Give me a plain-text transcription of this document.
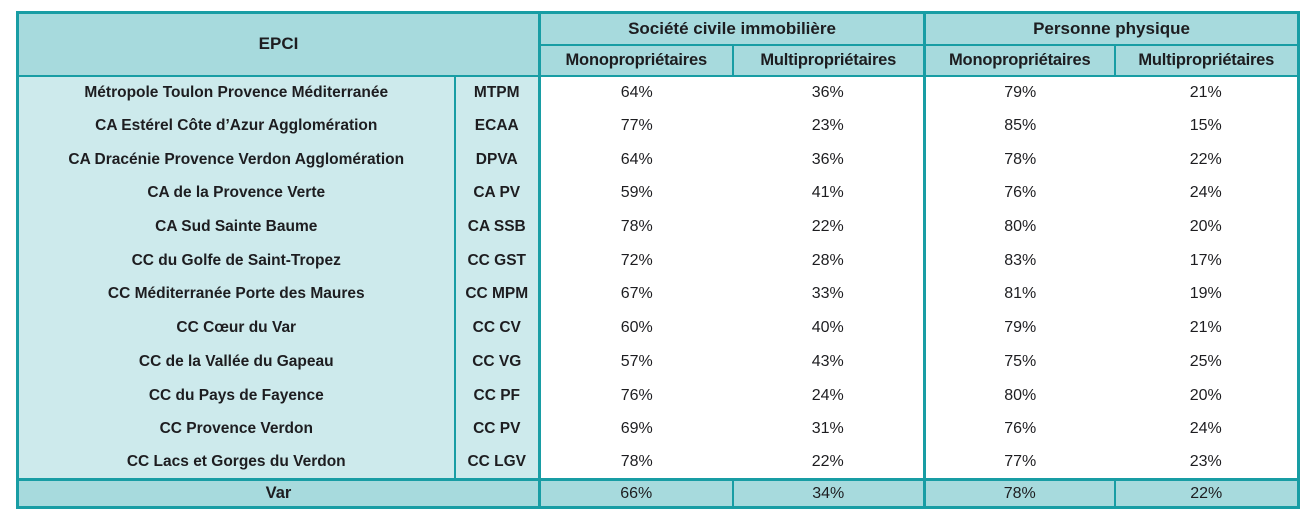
EPCI		Société civile immobilière		Personne physique	
		Monopropriétaires	Multipropriétaires	Monopropriétaires	Multipropriétaires
Métropole Toulon Provence Méditerranée	MTPM	64%	36%	79%	21%
CA Estérel Côte d’Azur Agglomération	ECAA	77%	23%	85%	15%
CA Dracénie Provence Verdon Agglomération	DPVA	64%	36%	78%	22%
CA de la Provence Verte	CA PV	59%	41%	76%	24%
CA Sud Sainte Baume	CA SSB	78%	22%	80%	20%
CC du Golfe de Saint-Tropez	CC GST	72%	28%	83%	17%
CC Méditerranée Porte des Maures	CC MPM	67%	33%	81%	19%
CC Cœur du Var	CC CV	60%	40%	79%	21%
CC de la Vallée du Gapeau	CC VG	57%	43%	75%	25%
CC du Pays de Fayence	CC PF	76%	24%	80%	20%
CC Provence Verdon	CC PV	69%	31%	76%	24%
CC Lacs et Gorges du Verdon	CC LGV	78%	22%	77%	23%
Var		66%	34%	78%	22%
